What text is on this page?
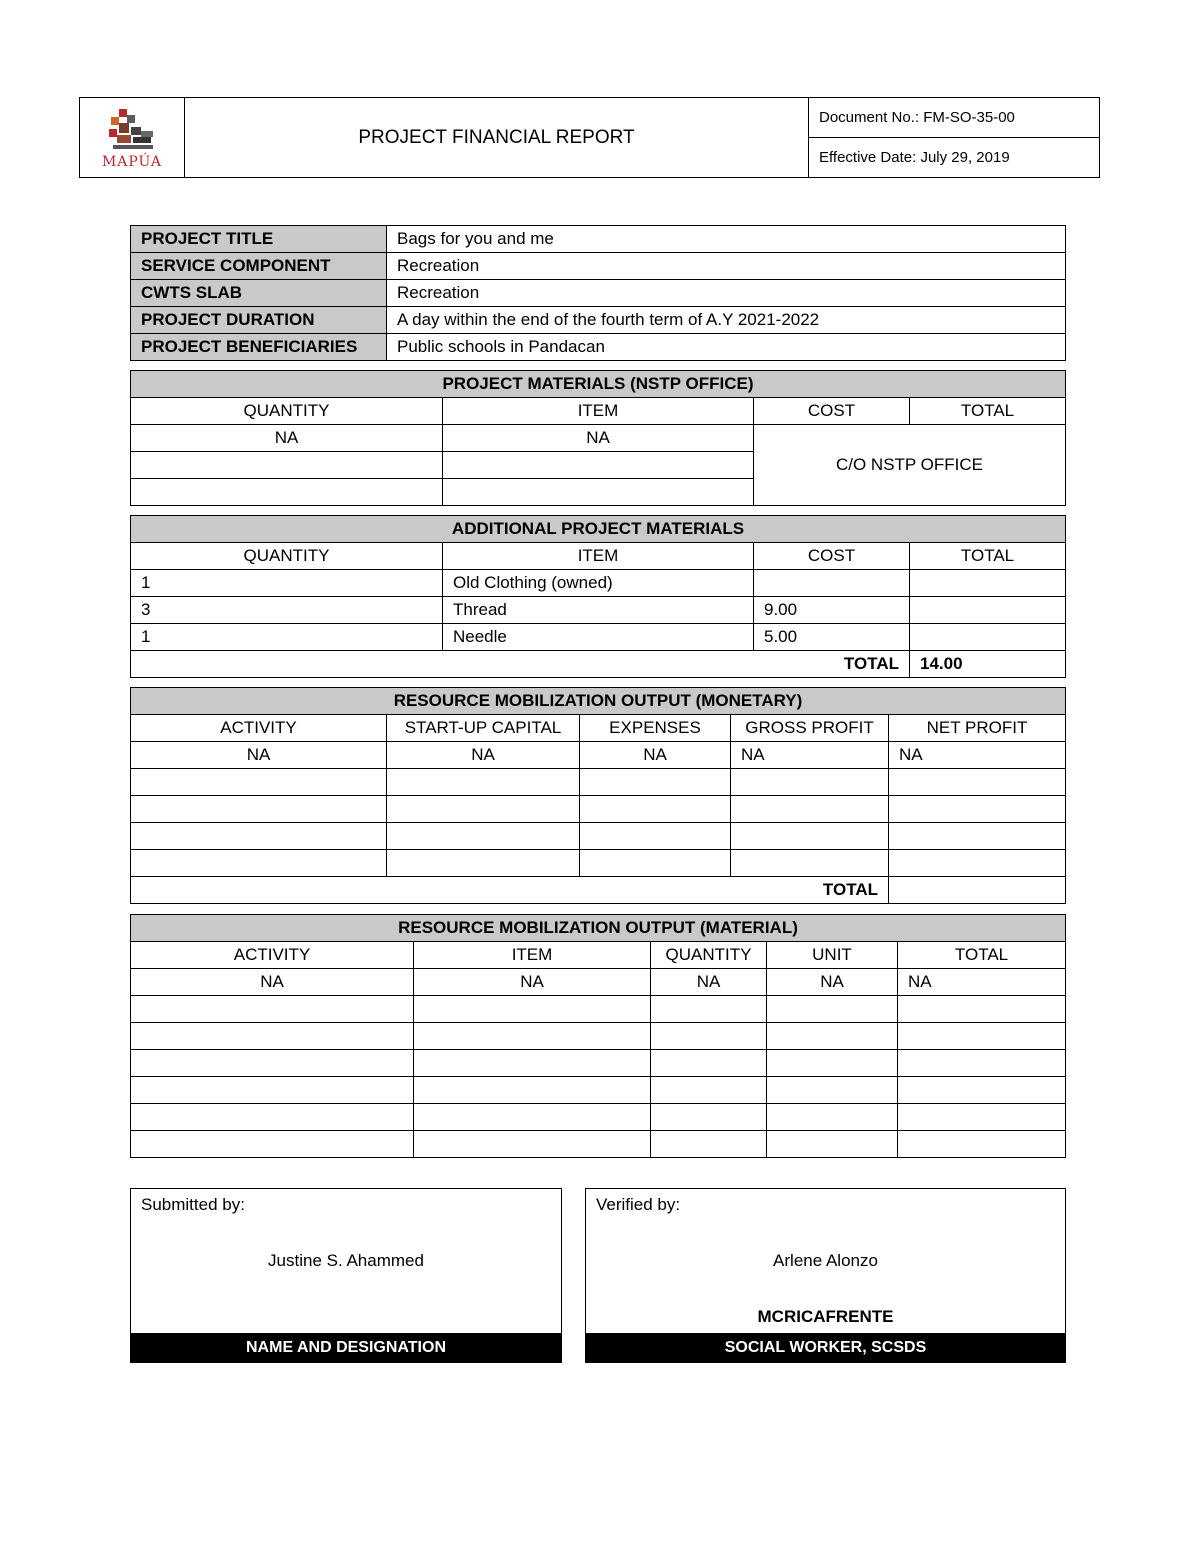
MAPÚA
	PROJECT FINANCIAL REPORT	Document No.: FM-SO-35-00
Effective Date: July 29, 2019
PROJECT TITLE	Bags for you and me
SERVICE COMPONENT	Recreation
CWTS SLAB	Recreation
PROJECT DURATION	A day within the end of the fourth term of A.Y 2021-2022
PROJECT BENEFICIARIES	Public schools in Pandacan
PROJECT MATERIALS (NSTP OFFICE)			
QUANTITY	ITEM	COST	TOTAL
NA	NA	C/O NSTP OFFICE	

ADDITIONAL PROJECT MATERIALS			
QUANTITY	ITEM	COST	TOTAL
1	Old Clothing (owned)		
3	Thread	9.00	
1	Needle	5.00	
TOTAL			14.00
RESOURCE MOBILIZATION OUTPUT (MONETARY)				
ACTIVITY	START-UP CAPITAL	EXPENSES	GROSS PROFIT	NET PROFIT
NA	NA	NA	NA	NA

TOTAL				
RESOURCE MOBILIZATION OUTPUT (MATERIAL)				
ACTIVITY	ITEM	QUANTITY	UNIT	TOTAL
NA	NA	NA	NA	NA

Submitted by:
Justine S. Ahammed
NAME AND DESIGNATION
Verified by:
Arlene Alonzo
MCRICAFRENTE
SOCIAL WORKER, SCSDS
